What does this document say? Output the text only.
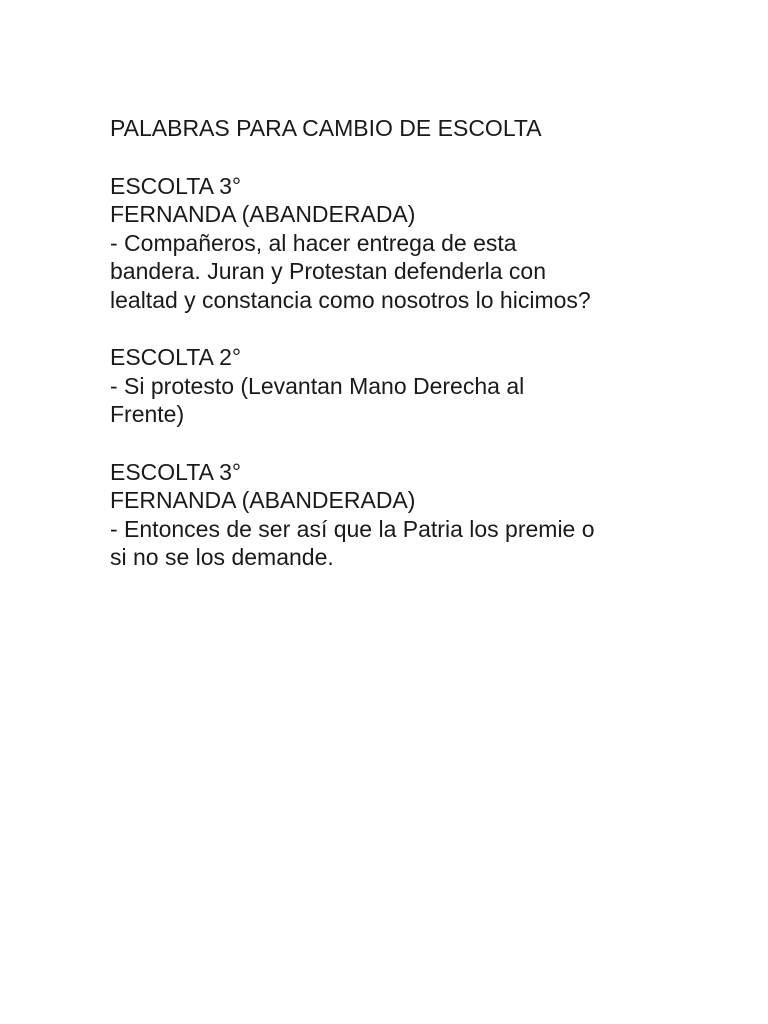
PALABRAS PARA CAMBIO DE ESCOLTA
ESCOLTA 3°
FERNANDA (ABANDERADA)
- Compañeros, al hacer entrega de esta
bandera. Juran y Protestan defenderla con
lealtad y constancia como nosotros lo hicimos?
ESCOLTA 2°
- Si protesto (Levantan Mano Derecha al
Frente)
ESCOLTA 3°
FERNANDA (ABANDERADA)
- Entonces de ser así que la Patria los premie o
si no se los demande.
